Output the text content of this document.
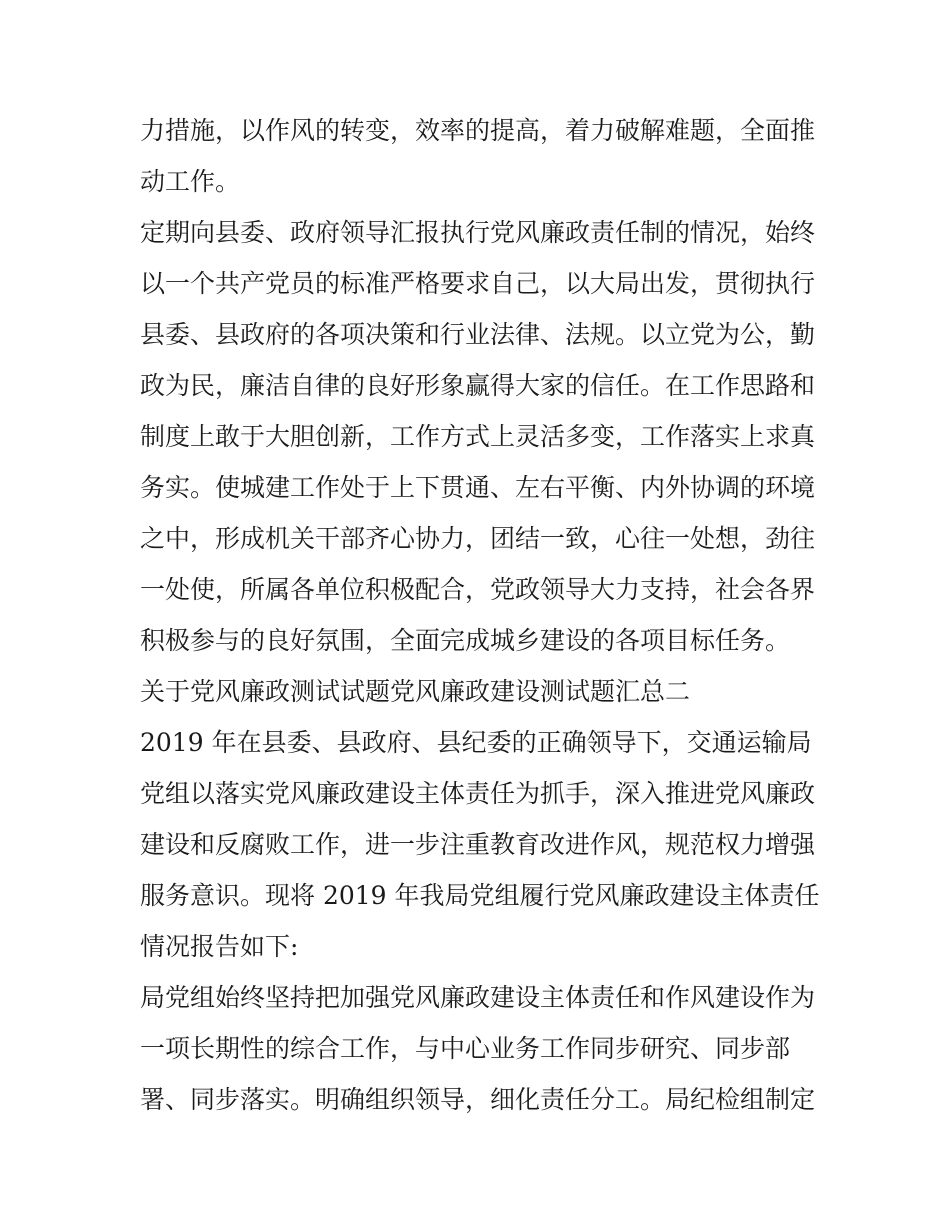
力措施，以作风的转变，效率的提高，着力破解难题，全面推
动工作。
定期向县委、政府领导汇报执行党风廉政责任制的情况，始终
以一个共产党员的标准严格要求自己，以大局出发，贯彻执行
县委、县政府的各项决策和行业法律、法规。以立党为公，勤
政为民，廉洁自律的良好形象赢得大家的信任。在工作思路和
制度上敢于大胆创新，工作方式上灵活多变，工作落实上求真
务实。使城建工作处于上下贯通、左右平衡、内外协调的环境
之中，形成机关干部齐心协力，团结一致，心往一处想，劲往
一处使，所属各单位积极配合，党政领导大力支持，社会各界
积极参与的良好氛围，全面完成城乡建设的各项目标任务。
关于党风廉政测试试题党风廉政建设测试题汇总二
2019 年在县委、县政府、县纪委的正确领导下，交通运输局
党组以落实党风廉政建设主体责任为抓手，深入推进党风廉政
建设和反腐败工作，进一步注重教育改进作风，规范权力增强
服务意识。现将 2019 年我局党组履行党风廉政建设主体责任
情况报告如下:
局党组始终坚持把加强党风廉政建设主体责任和作风建设作为
一项长期性的综合工作，与中心业务工作同步研究、同步部
署、同步落实。明确组织领导，细化责任分工。局纪检组制定
